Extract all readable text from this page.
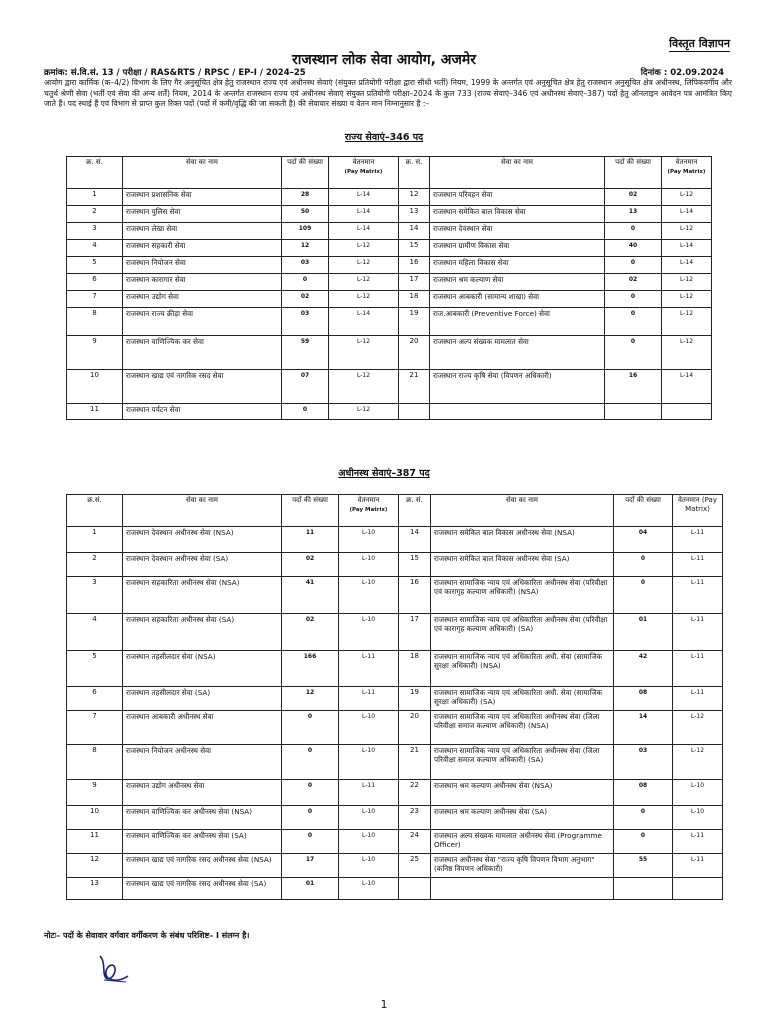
विस्तृत विज्ञापन
राजस्थान लोक सेवा आयोग, अजमेर
क्रमांक: सं.वि.सं. 13 / परीक्षा / RAS&RTS / RPSC / EP-I / 2024–25	दिनांक : 02.09.2024
आयोग द्वारा कार्मिक (क–4/2) विभाग के लिए गैर अनुसूचित क्षेत्र हेतु राजस्थान राज्य एवं अधीनस्थ सेवाएं (संयुक्त प्रतियोगी परीक्षा द्वारा सीधी भर्ती) नियम, 1999 के अन्तर्गत एवं अनुसूचित क्षेत्र हेतु राजस्थान अनुसूचित क्षेत्र अधीनस्थ, लिपिकवर्गीय और चतुर्थ श्रेणी सेवा (भर्ती एवं सेवा की अन्य शर्तें) नियम, 2014 के अन्तर्गत राजस्थान राज्य एवं अधीनस्थ सेवाएं संयुक्त प्रतियोगी परीक्षा–2024 के कुल 733 (राज्य सेवाएं–346 एवं अधीनस्थ सेवाएं–387) पदों हेतु ऑनलाइन आवेदन पत्र आमंत्रित किए जाते हैं। पद स्थाई हैं एवं विभाग से प्राप्त कुल रिक्त पदों (पदों में कमी/वृद्धि की जा सकती है) की सेवावार संख्या व वेतन मान निम्नानुसार है :–
राज्य सेवाएं–346 पद
क्र. सं.	सेवा का नाम	पदों की संख्या	वेतनमान
(Pay Matrix)	क्र. सं.	सेवा का नाम	पदों की संख्या	वेतनमान
(Pay Matrix)
1	राजस्थान प्रशासनिक सेवा	28	L-14	12	राजस्थान परिवहन सेवा	02	L-12
2	राजस्थान पुलिस सेवा	50	L-14	13	राजस्थान समेकित बाल विकास सेवा	13	L-14
3	राजस्थान लेखा सेवा	109	L-14	14	राजस्थान देवस्थान सेवा	0	L-12
4	राजस्थान सहकारी सेवा	12	L-12	15	राजस्थान ग्रामीण विकास सेवा	40	L-14
5	राजस्थान नियोजन सेवा	03	L-12	16	राजस्थान महिला विकास सेवा	0	L-14
6	राजस्थान कारागार सेवा	0	L-12	17	राजस्थान श्रम कल्याण सेवा	02	L-12
7	राजस्थान उद्योग सेवा	02	L-12	18	राजस्थान आबकारी (सामान्य शाखा) सेवा	0	L-12
8	राजस्थान राज्य क्रीड़ा सेवा	03	L-14	19	राज.आबकारी (Preventive Force) सेवा	0	L-12
9	राजस्थान वाणिज्यिक कर सेवा	59	L-12	20	राजस्थान अल्प संख्यक मामलात सेवा	0	L-12
10	राजस्थान खाद्य एवं नागरिक रसद सेवा	07	L-12	21	राजस्थान राज्य कृषि सेवा (विपणन अधिकारी)	16	L-14
11	राजस्थान पर्यटन सेवा	0	L-12				
अधीनस्थ सेवाएं–387 पद
क्र.सं.	सेवा का नाम	पदों की संख्या	वेतनमान
(Pay Matrix)	क्र. सं.	सेवा का नाम	पदों की संख्या	वेतनमान (Pay Matrix)
1	राजस्थान देवस्थान अधीनस्थ सेवा (NSA)	11	L-10	14	राजस्थान समेकित बाल विकास अधीनस्थ सेवा (NSA)	04	L-11
2	राजस्थान देवस्थान अधीनस्थ सेवा (SA)	02	L-10	15	राजस्थान समेकित बाल विकास अधीनस्थ सेवा (SA)	0	L-11
3	राजस्थान सहकारिता अधीनस्थ सेवा (NSA)	41	L-10	16	राजस्थान सामाजिक न्याय एवं अधिकारिता अधीनस्थ सेवा (परिवीक्षा एवं कारागृह कल्याण अधिकारी) (NSA)	0	L-11
4	राजस्थान सहकारिता अधीनस्थ सेवा (SA)	02	L-10	17	राजस्थान सामाजिक न्याय एवं अधिकारिता अधीनस्थ सेवा (परिवीक्षा एवं कारागृह कल्याण अधिकारी) (SA)	01	L-11
5	राजस्थान तहसीलदार सेवा (NSA)	166	L-11	18	राजस्थान सामाजिक न्याय एवं अधिकारिता अधी. सेवा (सामाजिक सुरक्षा अधिकारी) (NSA)	42	L-11
6	राजस्थान तहसीलदार सेवा (SA)	12	L-11	19	राजस्थान सामाजिक न्याय एवं अधिकारिता अधी. सेवा (सामाजिक सुरक्षा अधिकारी) (SA)	08	L-11
7	राजस्थान आबकारी अधीनस्थ सेवा	0	L-10	20	राजस्थान सामाजिक न्याय एवं अधिकारिता अधीनस्थ सेवा (जिला परिवीक्षा समाज कल्याण अधिकारी) (NSA)	14	L-12
8	राजस्थान नियोजन अधीनस्थ सेवा	0	L-10	21	राजस्थान सामाजिक न्याय एवं अधिकारिता अधीनस्थ सेवा (जिला परिवीक्षा समाज कल्याण अधिकारी) (SA)	03	L-12
9	राजस्थान उद्योग अधीनस्थ सेवा	0	L-11	22	राजस्थान श्रम कल्याण अधीनस्थ सेवा (NSA)	08	L-10
10	राजस्थान वाणिज्यिक कर अधीनस्थ सेवा (NSA)	0	L-10	23	राजस्थान श्रम कल्याण अधीनस्थ सेवा (SA)	0	L-10
11	राजस्थान वाणिज्यिक कर अधीनस्थ सेवा (SA)	0	L-10	24	राजस्थान अल्प संख्यक मामलात अधीनस्थ सेवा (Programme Officer)	0	L-11
12	राजस्थान खाद्य एवं नागरिक रसद अधीनस्थ सेवा (NSA)	17	L-10	25	राजस्थान अधीनस्थ सेवा "राज्य कृषि विपणन विभाग अनुभाग" (कनिष्ठ विपणन अधिकारी)	55	L-11
13	राजस्थान खाद्य एवं नागरिक रसद अधीनस्थ सेवा (SA)	01	L-10				
नोटः– पदों के सेवावार वर्गवार वर्गीकरण के संबंध परिशिष्ट– I संलग्न है।
1
